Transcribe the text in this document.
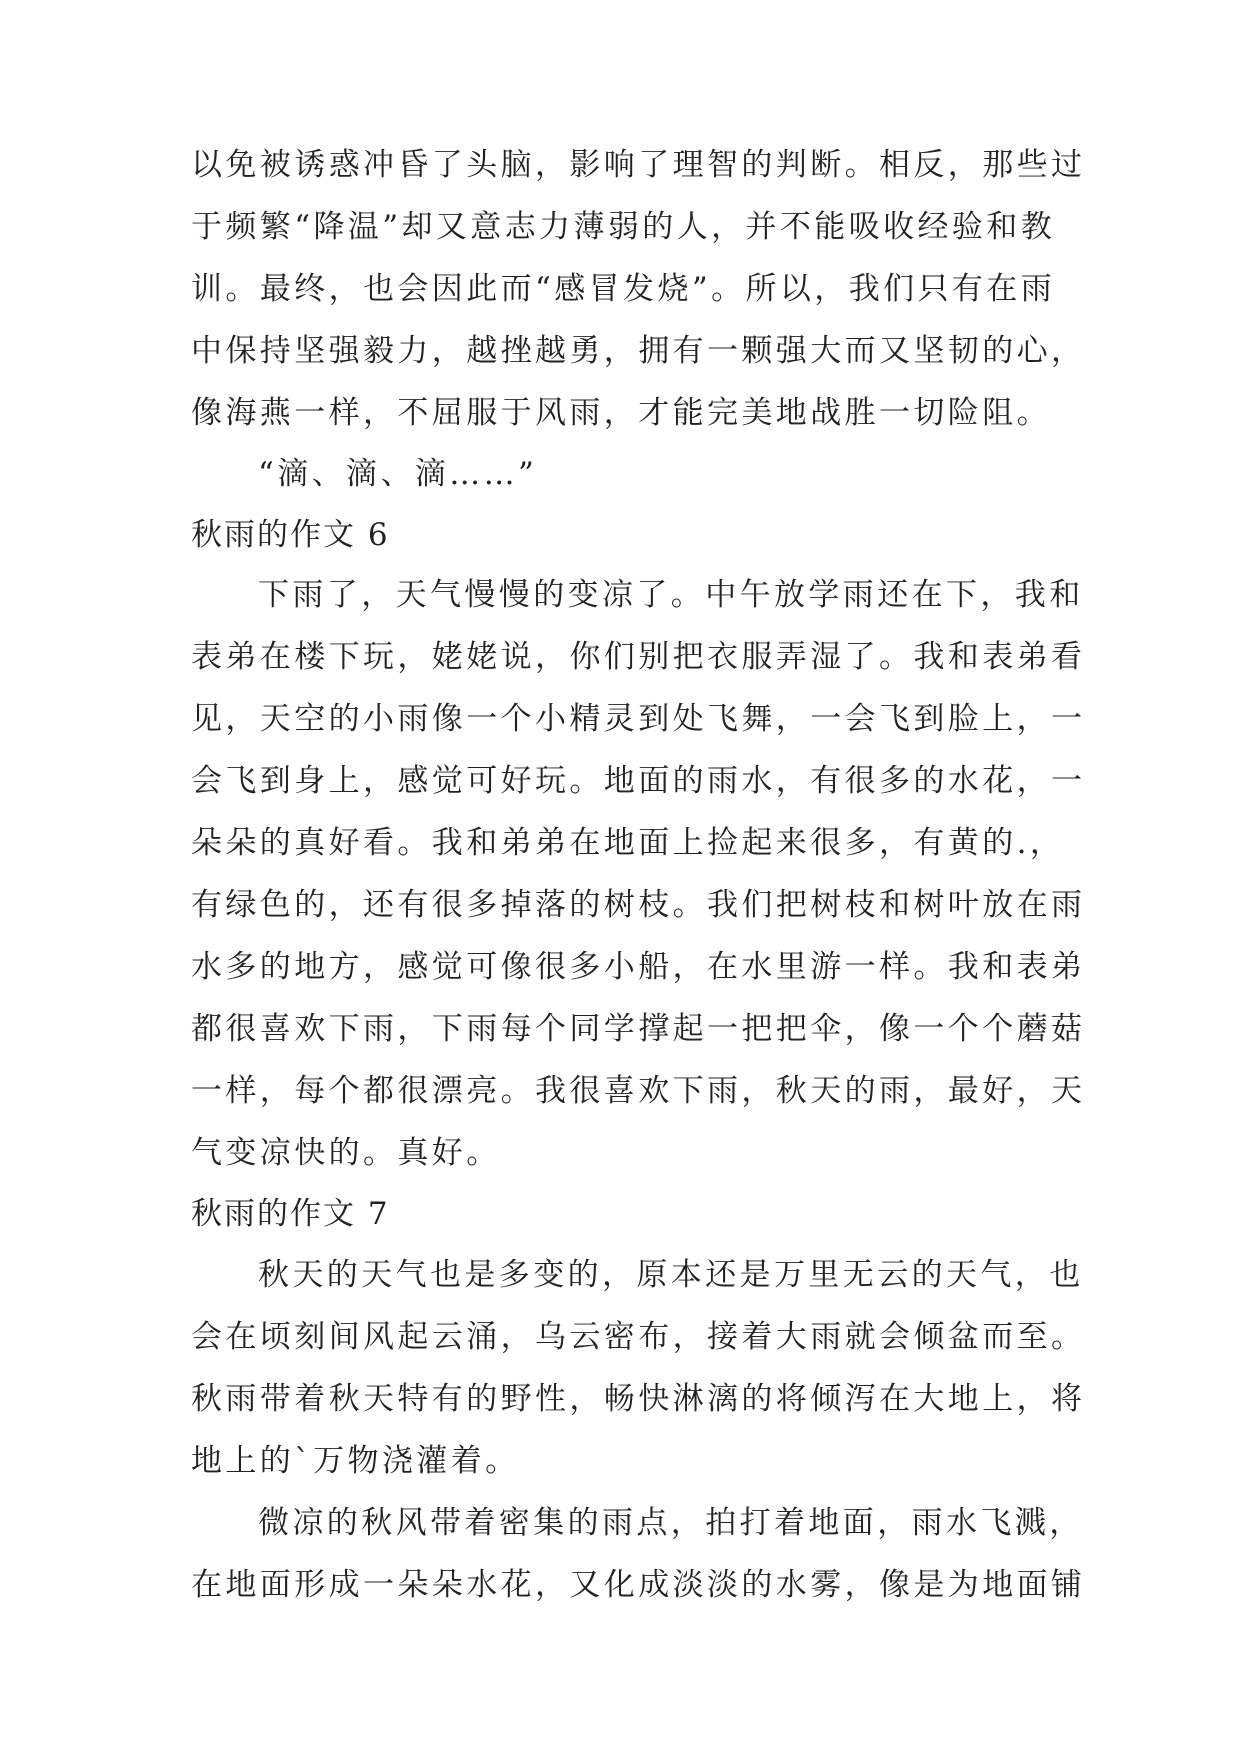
以免被诱惑冲昏了头脑，影响了理智的判断。相反，那些过
于频繁“降温”却又意志力薄弱的人，并不能吸收经验和教
训。最终，也会因此而“感冒发烧”。所以，我们只有在雨
中保持坚强毅力，越挫越勇，拥有一颗强大而又坚韧的心，
像海燕一样，不屈服于风雨，才能完美地战胜一切险阻。
“滴、滴、滴……”
秋雨的作文 6
下雨了，天气慢慢的变凉了。中午放学雨还在下，我和
表弟在楼下玩，姥姥说，你们别把衣服弄湿了。我和表弟看
见，天空的小雨像一个小精灵到处飞舞，一会飞到脸上，一
会飞到身上，感觉可好玩。地面的雨水，有很多的水花，一
朵朵的真好看。我和弟弟在地面上捡起来很多，有黄的.，
有绿色的，还有很多掉落的树枝。我们把树枝和树叶放在雨
水多的地方，感觉可像很多小船，在水里游一样。我和表弟
都很喜欢下雨，下雨每个同学撑起一把把伞，像一个个蘑菇
一样，每个都很漂亮。我很喜欢下雨，秋天的雨，最好，天
气变凉快的。真好。
秋雨的作文 7
秋天的天气也是多变的，原本还是万里无云的天气，也
会在顷刻间风起云涌，乌云密布，接着大雨就会倾盆而至。
秋雨带着秋天特有的野性，畅快淋漓的将倾泻在大地上，将
地上的`万物浇灌着。
微凉的秋风带着密集的雨点，拍打着地面，雨水飞溅，
在地面形成一朵朵水花，又化成淡淡的水雾，像是为地面铺
